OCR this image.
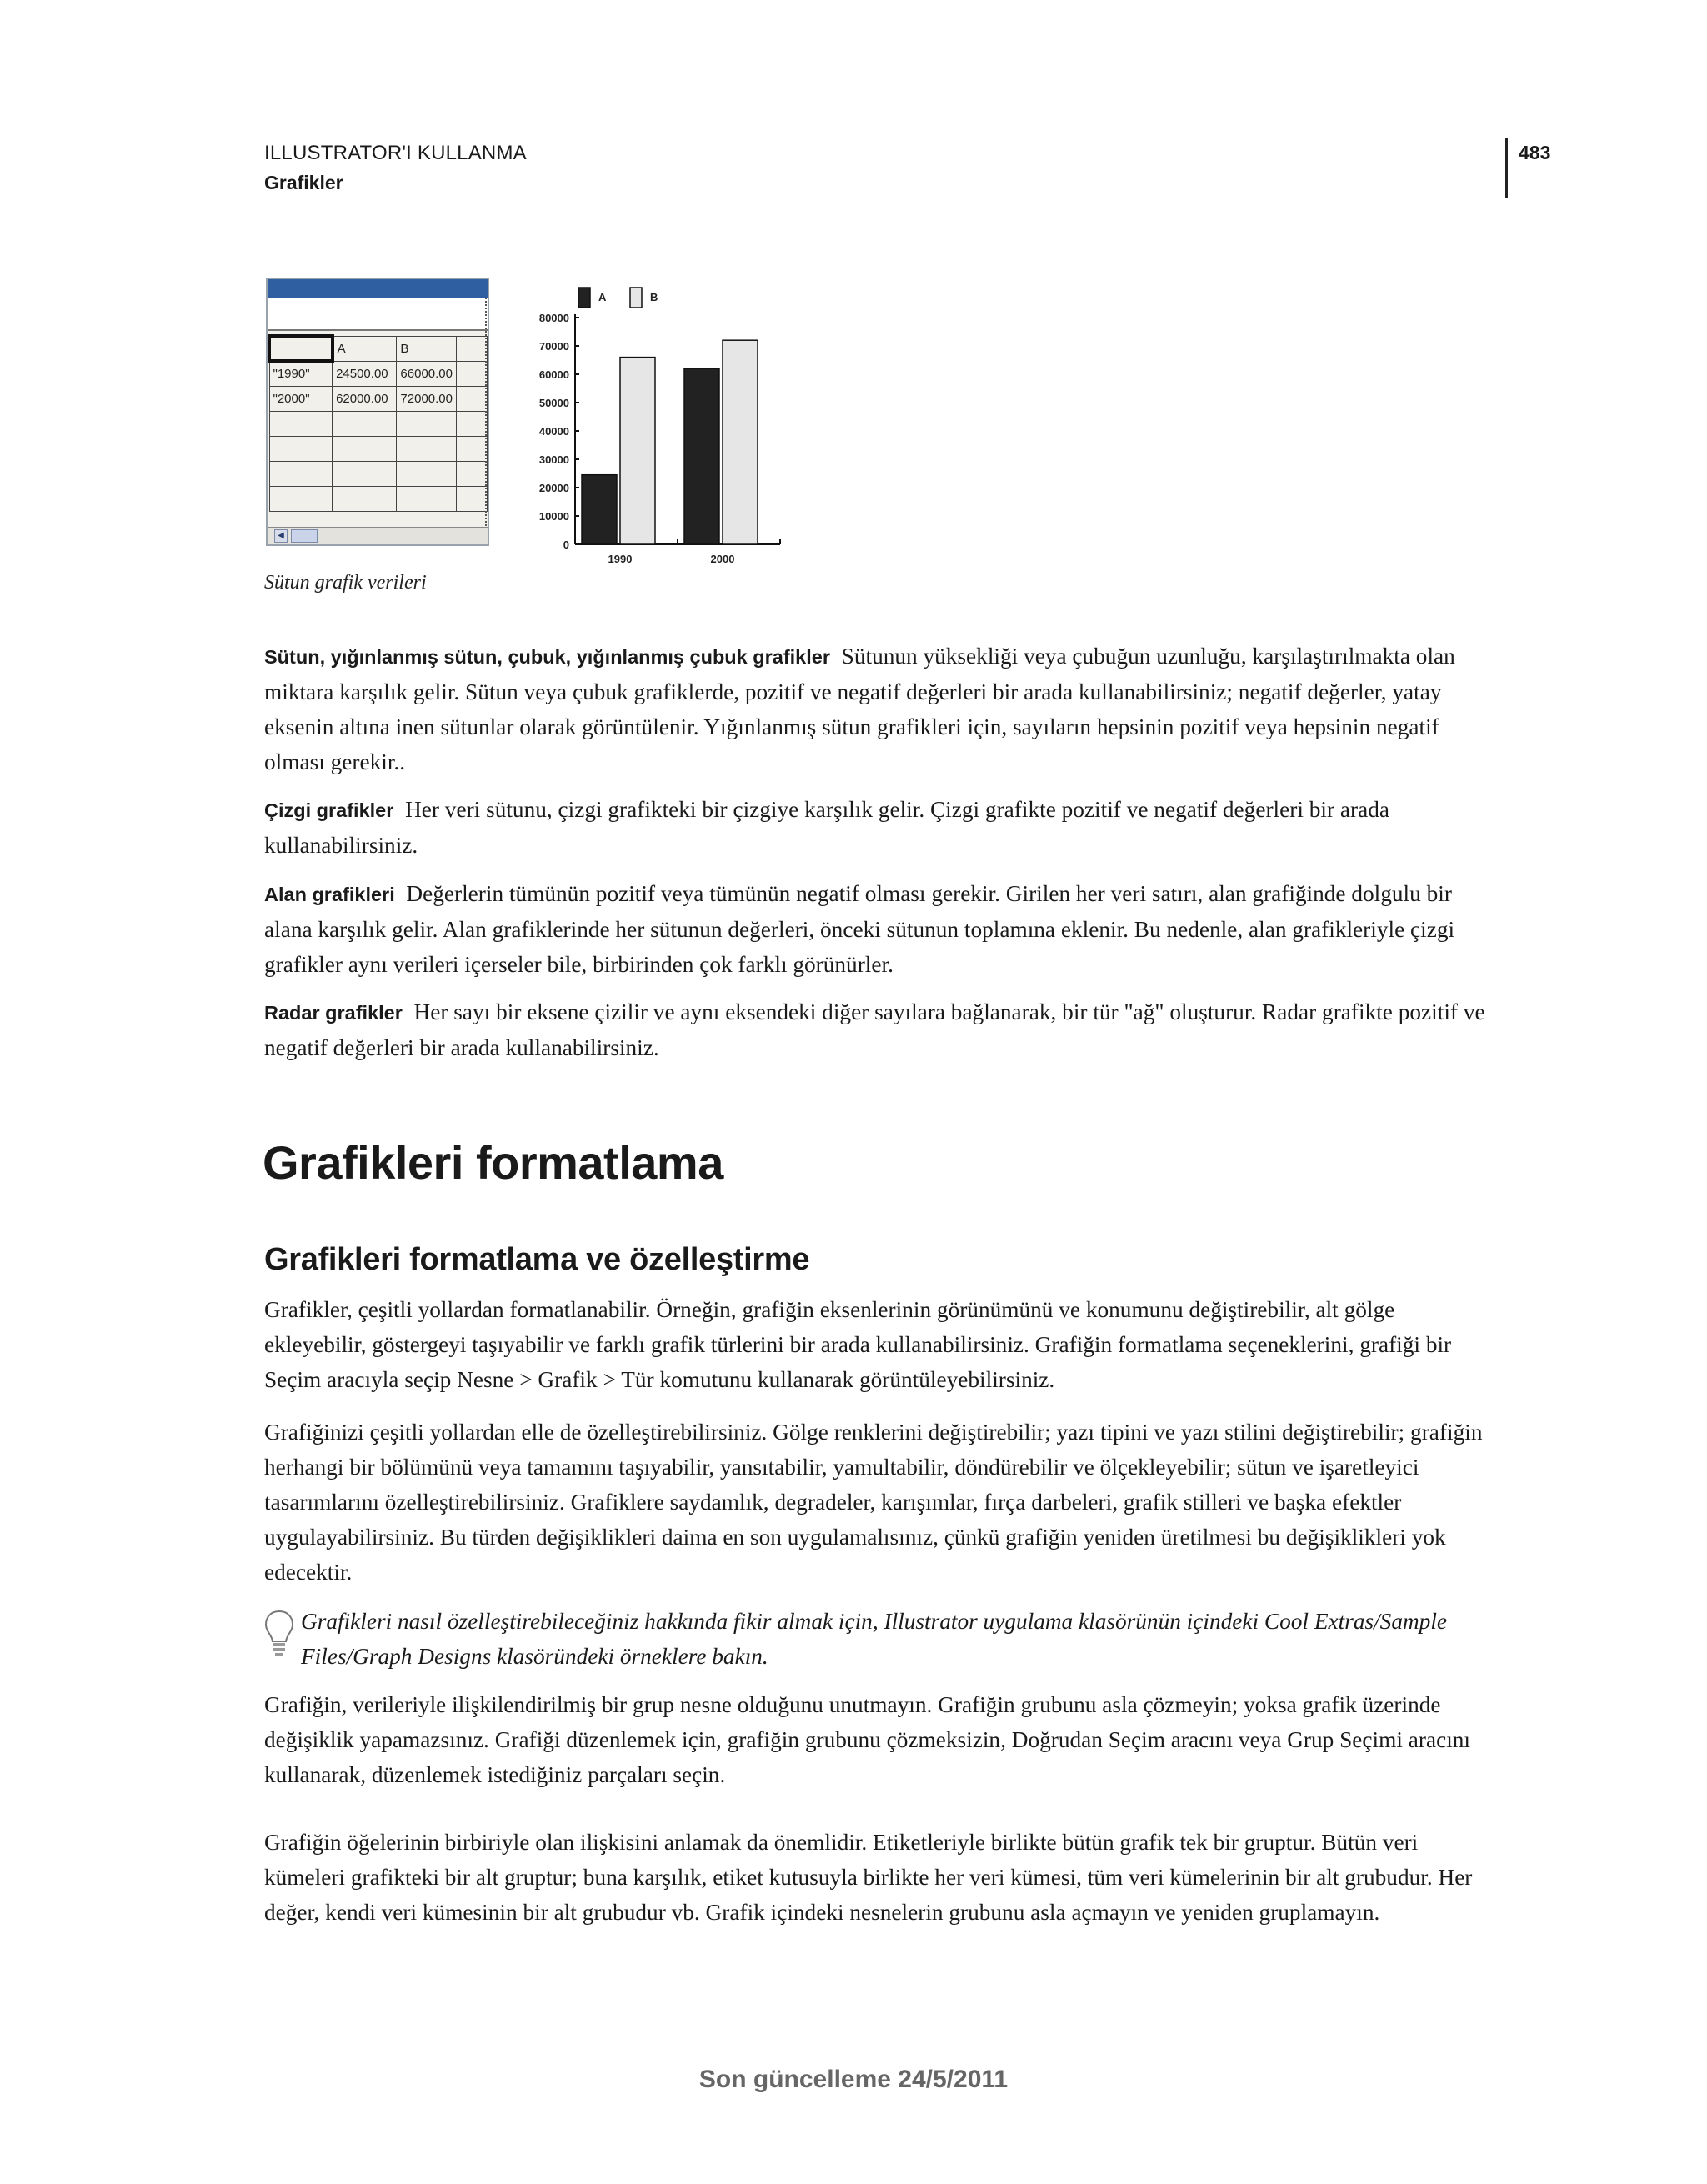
ILLUSTRATOR'I KULLANMA
Grafikler
483
	A	B	
"1990"	24500.00	66000.00	
"2000"	62000.00	72000.00	

◀
0
10000
20000
30000
40000
50000
60000
70000
80000
1990	2000
A	B
Sütun grafik verileri
Sütun, yığınlanmış sütun, çubuk, yığınlanmış çubuk grafikler Sütunun yüksekliği veya çubuğun uzunluğu, karşılaştırılmakta olan miktara karşılık gelir. Sütun veya çubuk grafiklerde, pozitif ve negatif değerleri bir arada kullanabilirsiniz; negatif değerler, yatay eksenin altına inen sütunlar olarak görüntülenir. Yığınlanmış sütun grafikleri için, sayıların hepsinin pozitif veya hepsinin negatif olması gerekir..
Çizgi grafikler Her veri sütunu, çizgi grafikteki bir çizgiye karşılık gelir. Çizgi grafikte pozitif ve negatif değerleri bir arada kullanabilirsiniz.
Alan grafikleri Değerlerin tümünün pozitif veya tümünün negatif olması gerekir. Girilen her veri satırı, alan grafiğinde dolgulu bir alana karşılık gelir. Alan grafiklerinde her sütunun değerleri, önceki sütunun toplamına eklenir. Bu nedenle, alan grafikleriyle çizgi grafikler aynı verileri içerseler bile, birbirinden çok farklı görünürler.
Radar grafikler Her sayı bir eksene çizilir ve aynı eksendeki diğer sayılara bağlanarak, bir tür "ağ" oluşturur. Radar grafikte pozitif ve negatif değerleri bir arada kullanabilirsiniz.
Grafikleri formatlama
Grafikleri formatlama ve özelleştirme
Grafikler, çeşitli yollardan formatlanabilir. Örneğin, grafiğin eksenlerinin görünümünü ve konumunu değiştirebilir, alt gölge ekleyebilir, göstergeyi taşıyabilir ve farklı grafik türlerini bir arada kullanabilirsiniz. Grafiğin formatlama seçeneklerini, grafiği bir Seçim aracıyla seçip Nesne > Grafik > Tür komutunu kullanarak görüntüleyebilirsiniz.
Grafiğinizi çeşitli yollardan elle de özelleştirebilirsiniz. Gölge renklerini değiştirebilir; yazı tipini ve yazı stilini değiştirebilir; grafiğin herhangi bir bölümünü veya tamamını taşıyabilir, yansıtabilir, yamultabilir, döndürebilir ve ölçekleyebilir; sütun ve işaretleyici tasarımlarını özelleştirebilirsiniz. Grafiklere saydamlık, degradeler, karışımlar, fırça darbeleri, grafik stilleri ve başka efektler uygulayabilirsiniz. Bu türden değişiklikleri daima en son uygulamalısınız, çünkü grafiğin yeniden üretilmesi bu değişiklikleri yok edecektir.
Grafikleri nasıl özelleştirebileceğiniz hakkında fikir almak için, Illustrator uygulama klasörünün içindeki Cool Extras/Sample Files/Graph Designs klasöründeki örneklere bakın.
Grafiğin, verileriyle ilişkilendirilmiş bir grup nesne olduğunu unutmayın. Grafiğin grubunu asla çözmeyin; yoksa grafik üzerinde değişiklik yapamazsınız. Grafiği düzenlemek için, grafiğin grubunu çözmeksizin, Doğrudan Seçim aracını veya Grup Seçimi aracını kullanarak, düzenlemek istediğiniz parçaları seçin.
Grafiğin öğelerinin birbiriyle olan ilişkisini anlamak da önemlidir. Etiketleriyle birlikte bütün grafik tek bir gruptur. Bütün veri kümeleri grafikteki bir alt gruptur; buna karşılık, etiket kutusuyla birlikte her veri kümesi, tüm veri kümelerinin bir alt grubudur. Her değer, kendi veri kümesinin bir alt grubudur vb. Grafik içindeki nesnelerin grubunu asla açmayın ve yeniden gruplamayın.
Son güncelleme 24/5/2011
